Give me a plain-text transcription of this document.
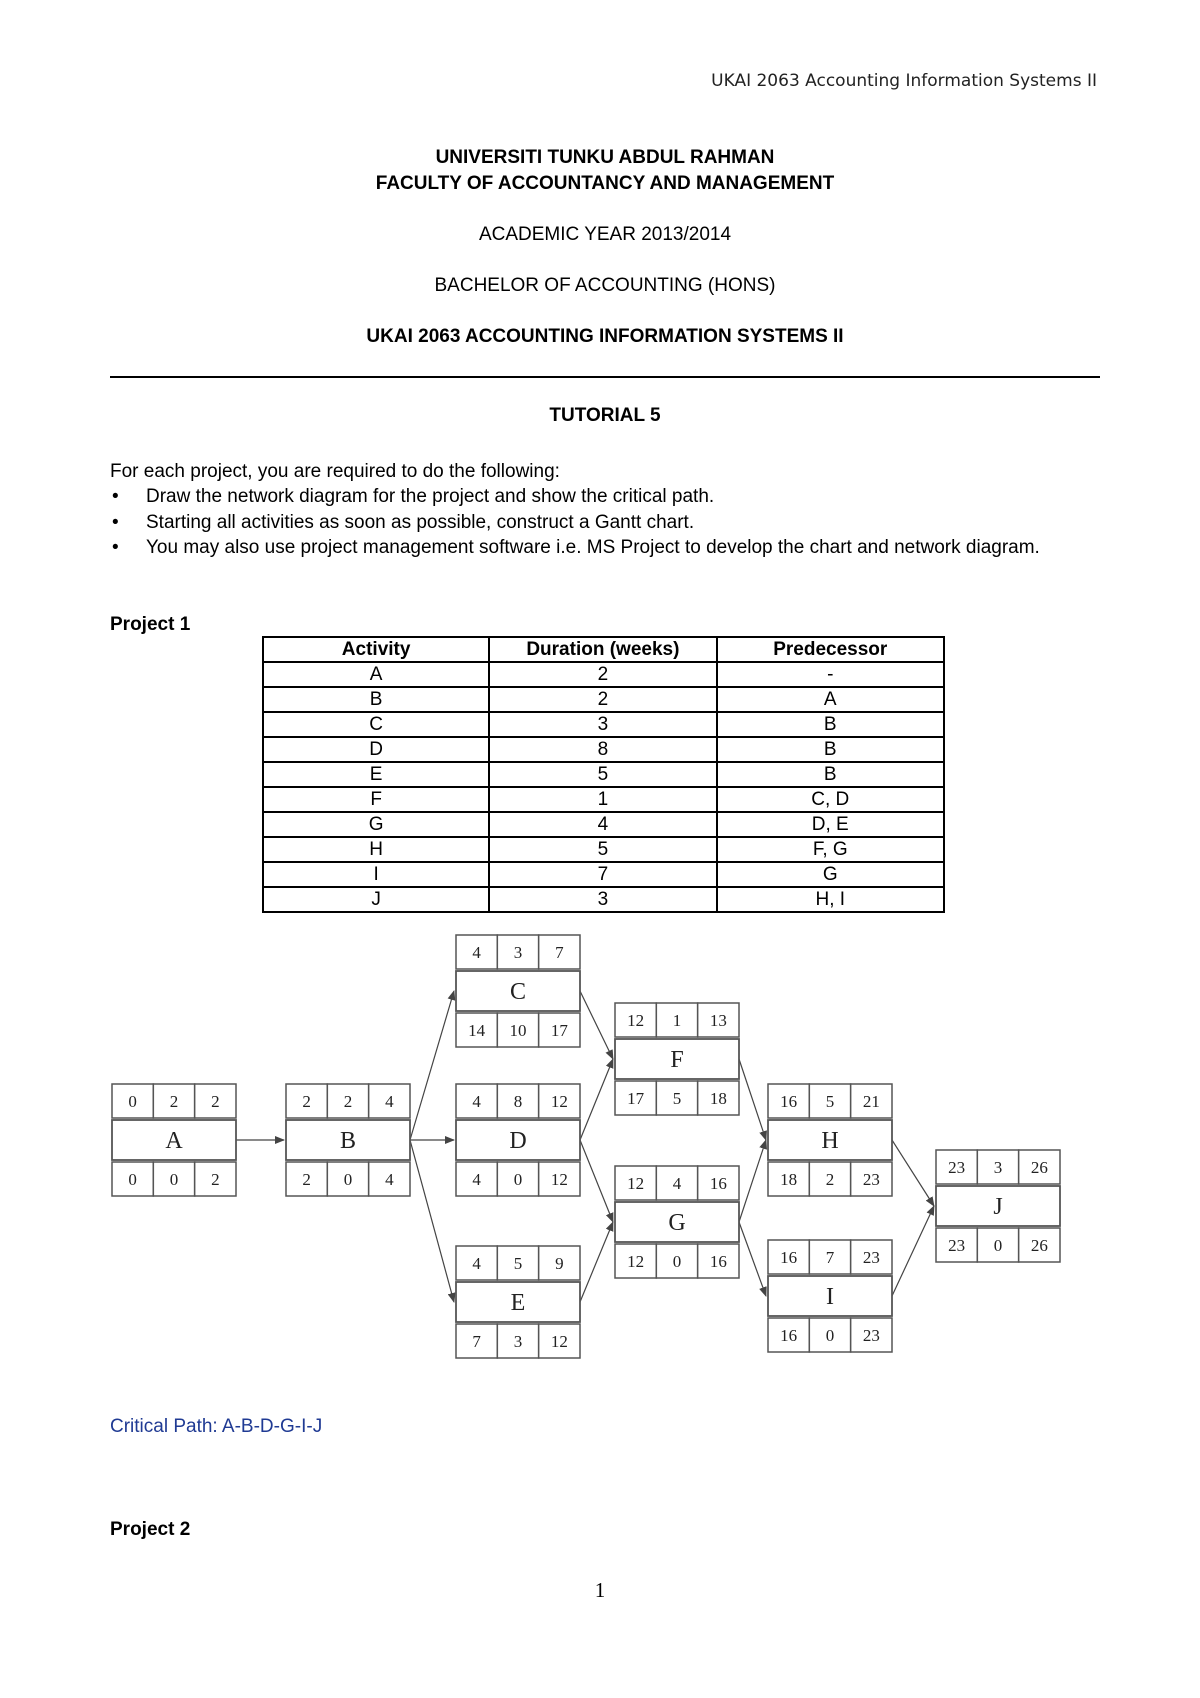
UKAI 2063 Accounting Information Systems II
UNIVERSITI TUNKU ABDUL RAHMAN
FACULTY OF ACCOUNTANCY AND MANAGEMENT
ACADEMIC YEAR 2013/2014
BACHELOR OF ACCOUNTING (HONS)
UKAI 2063 ACCOUNTING INFORMATION SYSTEMS II
TUTORIAL 5
For each project, you are required to do the following:
• Draw the network diagram for the project and show the critical path.
• Starting all activities as soon as possible, construct a Gantt chart.
• You may also use project management software i.e. MS Project to develop the chart and network diagram.
Project 1
Activity	Duration (weeks)	Predecessor
A	2	-
B	2	A
C	3	B
D	8	B
E	5	B
F	1	C, D
G	4	D, E
H	5	F, G
I	7	G
J	3	H, I
0 2 2
A
0 0 2
2 2 4
B
2 0 4
4 3 7
C
14 10 17
4 8 12
D
4 0 12
4 5 9
E
7 3 12
12 1 13
F
17 5 18
12 4 16
G
12 0 16
16 5 21
H
18 2 23
16 7 23
I
16 0 23
23 3 26
J
23 0 26
Critical Path: A-B-D-G-I-J
Project 2
1
